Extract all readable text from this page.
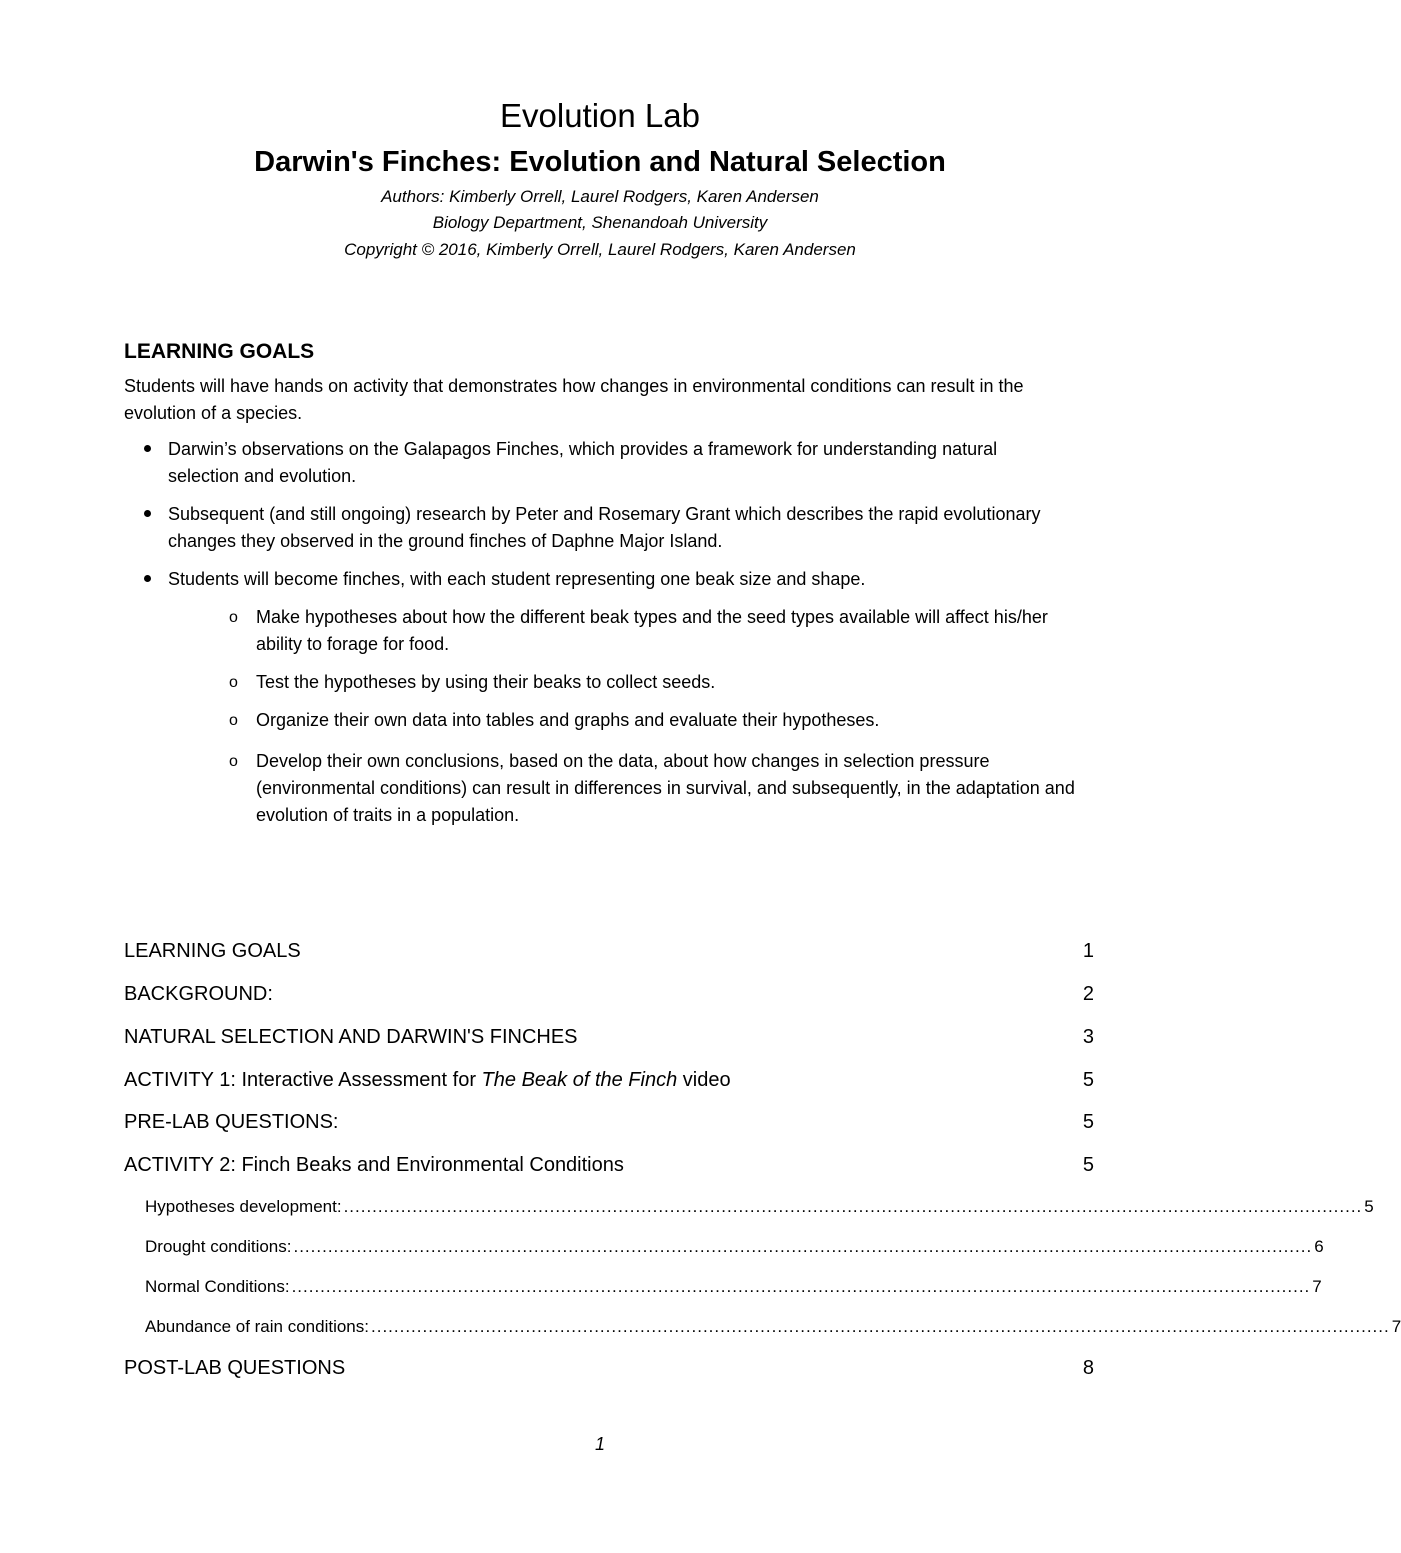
Evolution Lab
Darwin's Finches: Evolution and Natural Selection
Authors: Kimberly Orrell, Laurel Rodgers, Karen Andersen
Biology Department, Shenandoah University
Copyright © 2016, Kimberly Orrell, Laurel Rodgers, Karen Andersen
LEARNING GOALS
Students will have hands on activity that demonstrates how changes in environmental conditions can result in the evolution of a species.
Darwin’s observations on the Galapagos Finches, which provides a framework for understanding natural selection and evolution.
Subsequent (and still ongoing) research by Peter and Rosemary Grant which describes the rapid evolutionary changes they observed in the ground finches of Daphne Major Island.
Students will become finches, with each student representing one beak size and shape.
o Make hypotheses about how the different beak types and the seed types available will affect his/her ability to forage for food.
o Test the hypotheses by using their beaks to collect seeds.
o Organize their own data into tables and graphs and evaluate their hypotheses.
o Develop their own conclusions, based on the data, about how changes in selection pressure (environmental conditions) can result in differences in survival, and subsequently, in the adaptation and evolution of traits in a population.
LEARNING GOALS	1
BACKGROUND:	2
NATURAL SELECTION AND DARWIN'S FINCHES	3
ACTIVITY 1: Interactive Assessment for The Beak of the Finch video	5
PRE-LAB QUESTIONS:	5
ACTIVITY 2: Finch Beaks and Environmental Conditions	5
Hypotheses development: .................................................................................................................................................................................. 5
Drought conditions: .................................................................................................................................................................................. 6
Normal Conditions: .................................................................................................................................................................................. 7
Abundance of rain conditions: .................................................................................................................................................................................. 7
POST-LAB QUESTIONS	8
1
